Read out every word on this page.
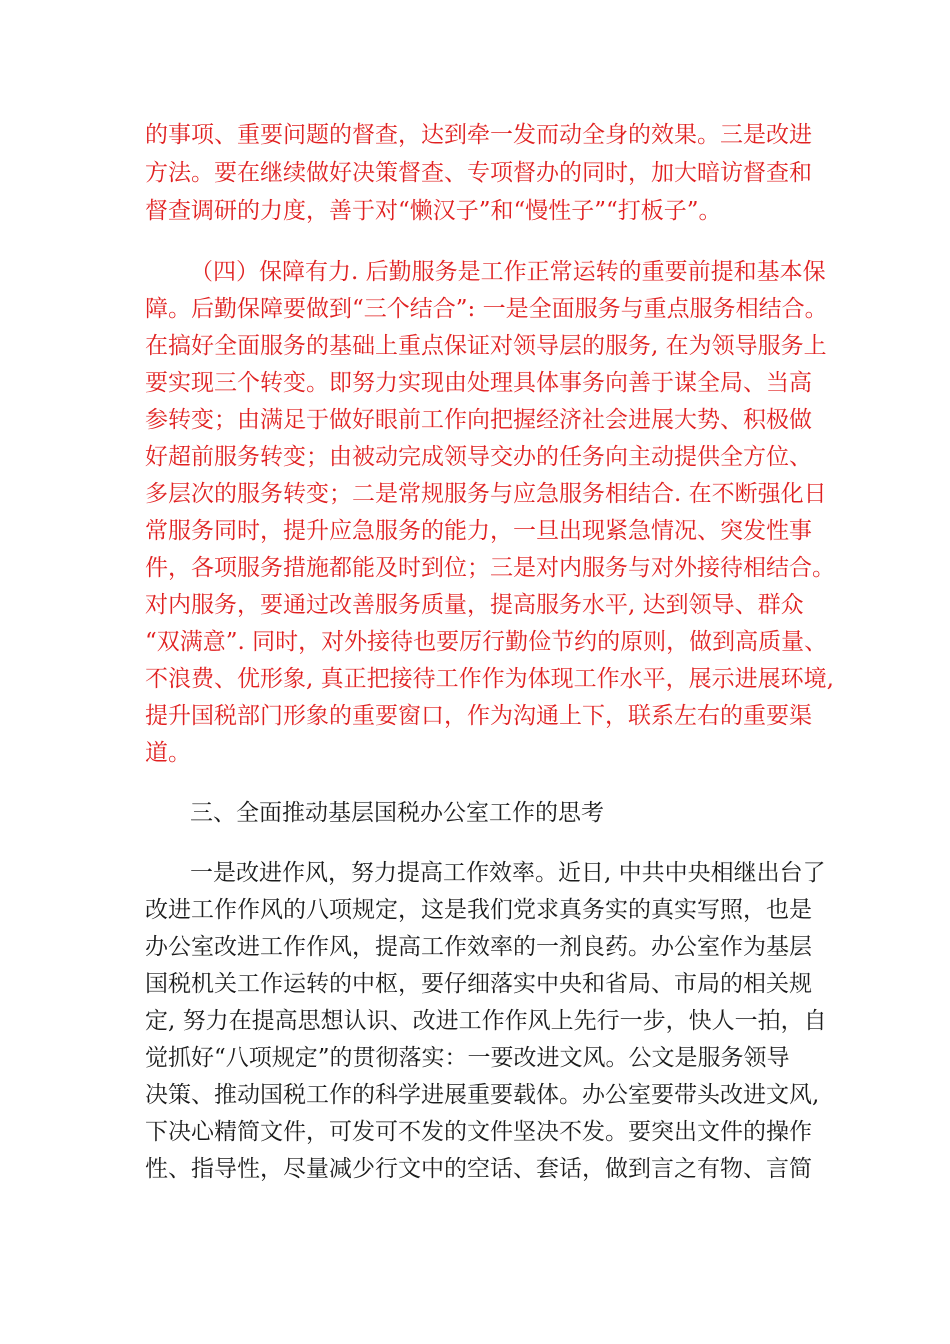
的事项、重要问题的督查，达到牵一发而动全身的效果。三是改进
方法。要在继续做好决策督查、专项督办的同时，加大暗访督查和
督查调研的力度，善于对“懒汉子”和“慢性子”“打板子”。
（四）保障有力. 后勤服务是工作正常运转的重要前提和基本保
障。后勤保障要做到“三个结合”: 一是全面服务与重点服务相结合。
在搞好全面服务的基础上重点保证对领导层的服务, 在为领导服务上
要实现三个转变。即努力实现由处理具体事务向善于谋全局、当高
参转变；由满足于做好眼前工作向把握经济社会进展大势、积极做
好超前服务转变；由被动完成领导交办的任务向主动提供全方位、
多层次的服务转变；二是常规服务与应急服务相结合. 在不断强化日
常服务同时，提升应急服务的能力，一旦出现紧急情况、突发性事
件，各项服务措施都能及时到位；三是对内服务与对外接待相结合。
对内服务，要通过改善服务质量，提高服务水平, 达到领导、群众
“双满意”. 同时，对外接待也要厉行勤俭节约的原则，做到高质量、
不浪费、优形象, 真正把接待工作作为体现工作水平，展示进展环境,
提升国税部门形象的重要窗口，作为沟通上下，联系左右的重要渠
道。
三、全面推动基层国税办公室工作的思考
一是改进作风，努力提高工作效率。近日, 中共中央相继出台了
改进工作作风的八项规定，这是我们党求真务实的真实写照，也是
办公室改进工作作风，提高工作效率的一剂良药。办公室作为基层
国税机关工作运转的中枢，要仔细落实中央和省局、市局的相关规
定, 努力在提高思想认识、改进工作作风上先行一步，快人一拍，自
觉抓好“八项规定”的贯彻落实：一要改进文风。公文是服务领导
决策、推动国税工作的科学进展重要载体。办公室要带头改进文风,
下决心精简文件，可发可不发的文件坚决不发。要突出文件的操作
性、指导性，尽量减少行文中的空话、套话，做到言之有物、言简
